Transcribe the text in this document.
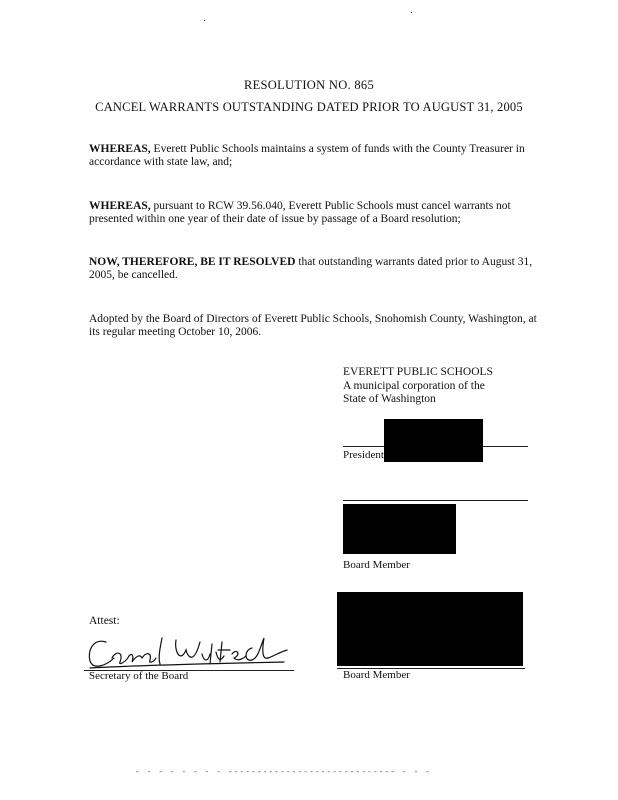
RESOLUTION NO. 865
CANCEL WARRANTS OUTSTANDING DATED PRIOR TO AUGUST 31, 2005
WHEREAS, Everett Public Schools maintains a system of funds with the County Treasurer in accordance with state law, and;
WHEREAS, pursuant to RCW 39.56.040, Everett Public Schools must cancel warrants not presented within one year of their date of issue by passage of a Board resolution;
NOW, THEREFORE, BE IT RESOLVED that outstanding warrants dated prior to August 31, 2005, be cancelled.
Adopted by the Board of Directors of Everett Public Schools, Snohomish County, Washington, at its regular meeting October 10, 2006.
EVERETT PUBLIC SCHOOLS
A municipal corporation of the
State of Washington
President
Board Member
Board Member
Attest:
Secretary of the Board
- - - - - - - - ----------------------------- - - -
